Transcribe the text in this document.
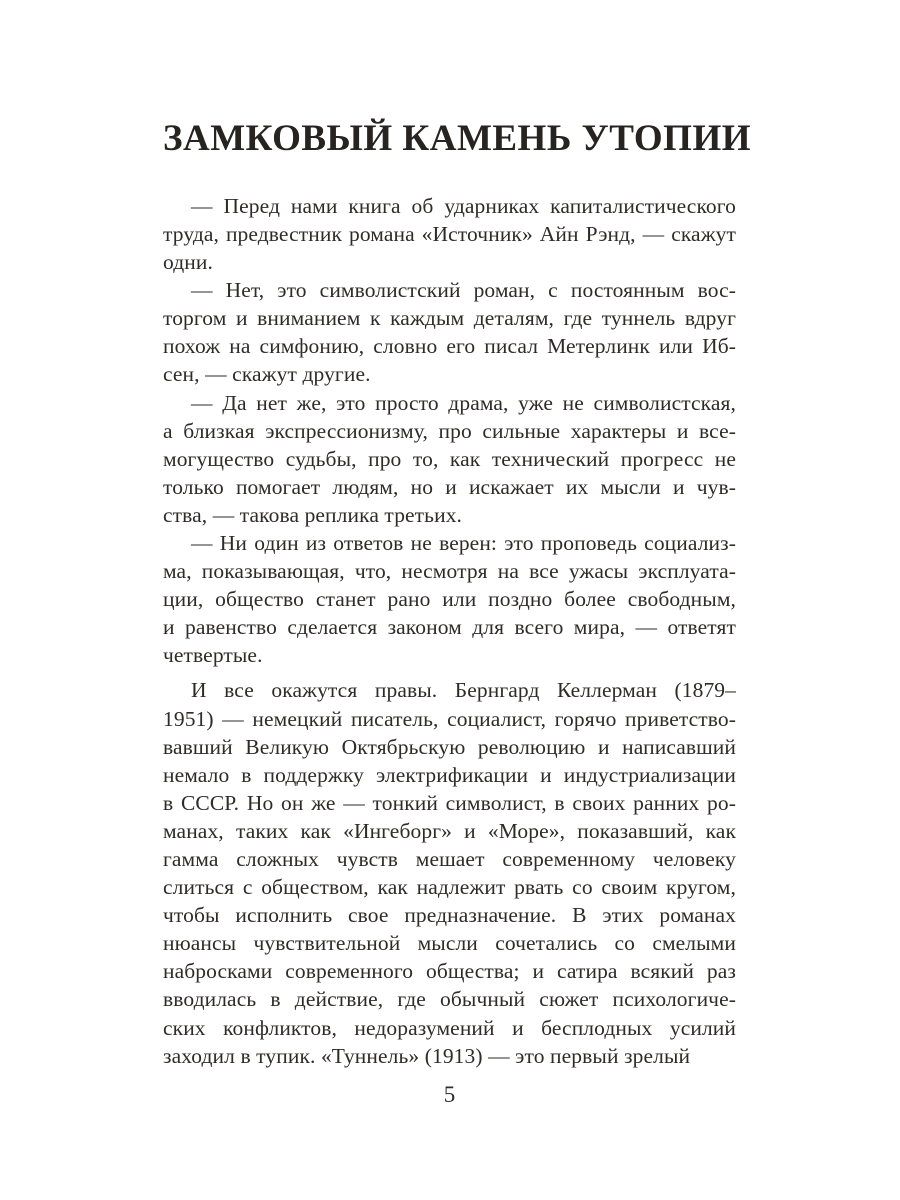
ЗАМКОВЫЙ КАМЕНЬ УТОПИИ
— Перед нами книга об ударниках капиталистического
труда, предвестник романа «Источник» Айн Рэнд, — скажут
одни.
— Нет, это символистский роман, с постоянным вос-
торгом и вниманием к каждым деталям, где туннель вдруг
похож на симфонию, словно его писал Метерлинк или Иб-
сен, — скажут другие.
— Да нет же, это просто драма, уже не символистская,
а близкая экспрессионизму, про сильные характеры и все-
могущество судьбы, про то, как технический прогресс не
только помогает людям, но и искажает их мысли и чув-
ства, — такова реплика третьих.
— Ни один из ответов не верен: это проповедь социализ-
ма, показывающая, что, несмотря на все ужасы эксплуата-
ции, общество станет рано или поздно более свободным,
и равенство сделается законом для всего мира, — ответят
четвертые.
И все окажутся правы. Бернгард Келлерман (1879–
1951) — немецкий писатель, социалист, горячо приветство-
вавший Великую Октябрьскую революцию и написавший
немало в поддержку электрификации и индустриализации
в СССР. Но он же — тонкий символист, в своих ранних ро-
манах, таких как «Ингеборг» и «Море», показавший, как
гамма сложных чувств мешает современному человеку
слиться с обществом, как надлежит рвать со своим кругом,
чтобы исполнить свое предназначение. В этих романах
нюансы чувствительной мысли сочетались со смелыми
набросками современного общества; и сатира всякий раз
вводилась в действие, где обычный сюжет психологиче-
ских конфликтов, недоразумений и бесплодных усилий
заходил в тупик. «Туннель» (1913) — это первый зрелый
5
